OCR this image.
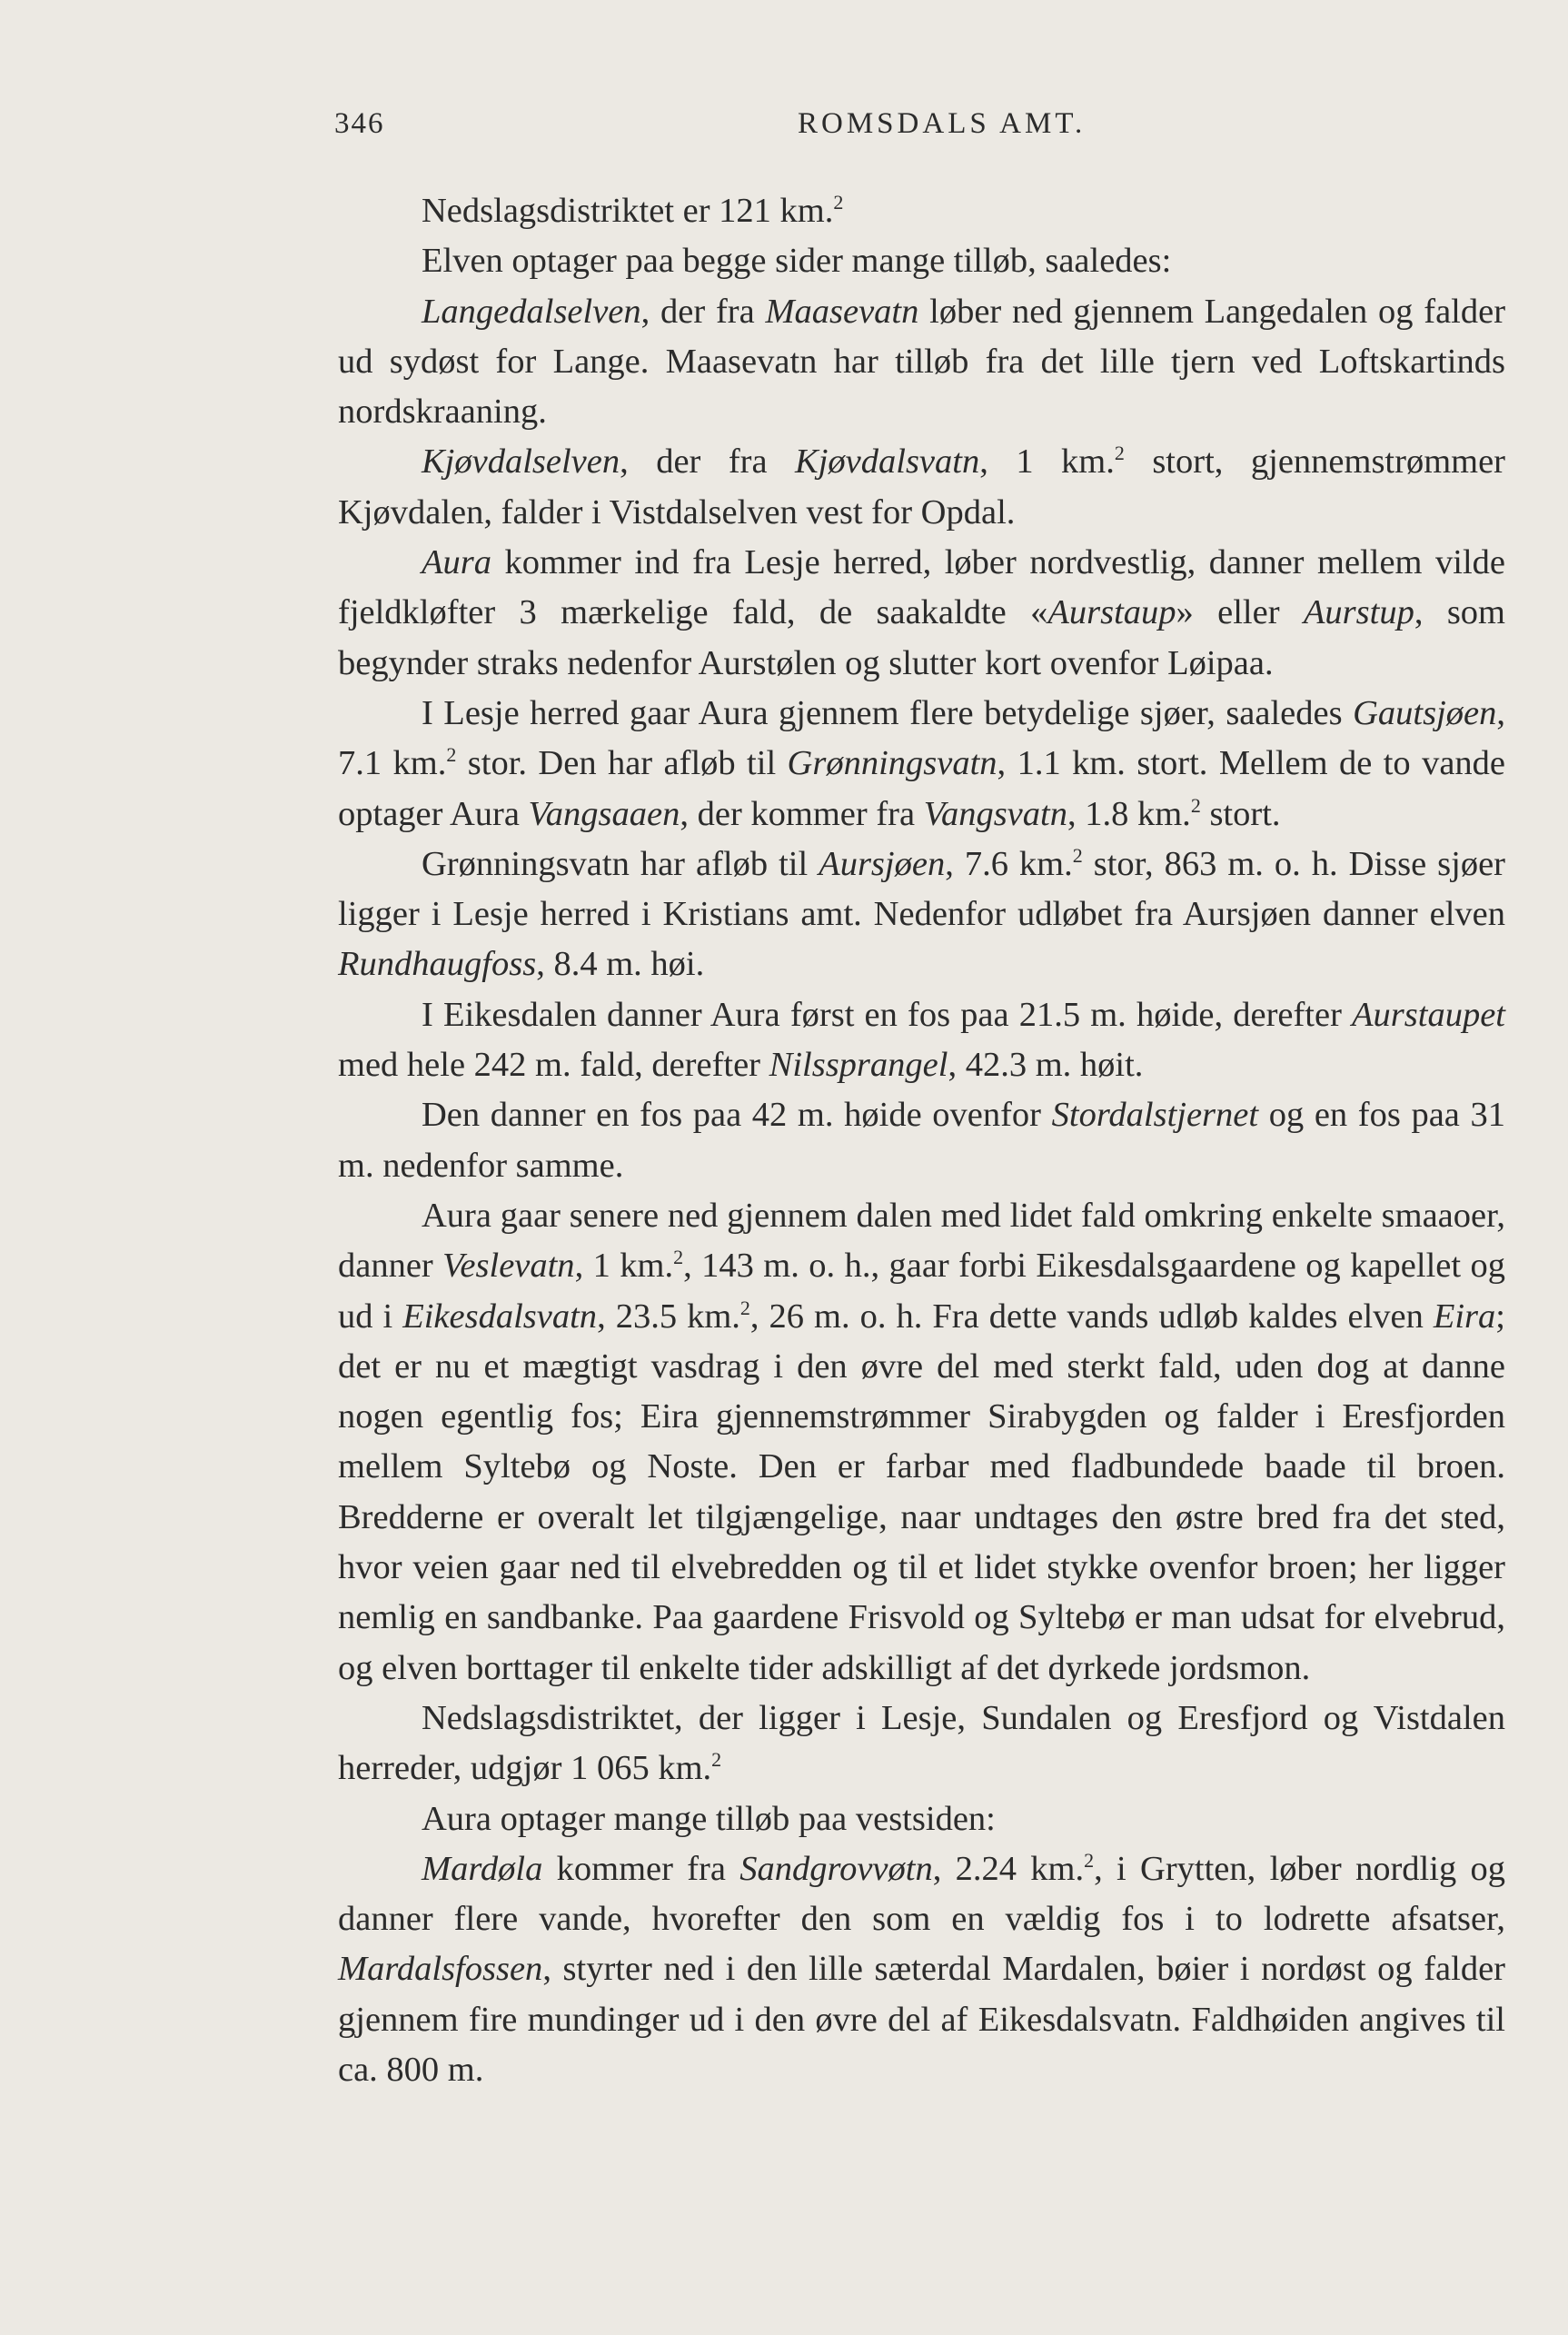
346	ROMSDALS AMT.

Nedslagsdistriktet er 121 km.$^2$

Elven optager paa begge sider mange tilløb, saaledes:

Langedalselven, der fra Maasevatn løber ned gjennem Langedalen og falder ud sydøst for Lange. Maasevatn har tilløb fra det lille tjern ved Loftskartinds nordskraaning.

Kjøvdalselven, der fra Kjøvdalsvatn, 1 km.$^2$ stort, gjennemstrømmer Kjøvdalen, falder i Vistdalselven vest for Opdal.

Aura kommer ind fra Lesje herred, løber nordvestlig, danner mellem vilde fjeldkløfter 3 mærkelige fald, de saakaldte «Aurstaup» eller Aurstup, som begynder straks nedenfor Aurstølen og slutter kort ovenfor Løipaa.

I Lesje herred gaar Aura gjennem flere betydelige sjøer, saaledes Gautsjøen, 7.1 km.$^2$ stor. Den har afløb til Grønningsvatn, 1.1 km. stort. Mellem de to vande optager Aura Vangsaaen, der kommer fra Vangsvatn, 1.8 km.$^2$ stort.

Grønningsvatn har afløb til Aursjøen, 7.6 km.$^2$ stor, 863 m. o. h. Disse sjøer ligger i Lesje herred i Kristians amt. Nedenfor udløbet fra Aursjøen danner elven Rundhaugfoss, 8.4 m. høi.

I Eikesdalen danner Aura først en fos paa 21.5 m. høide, derefter Aurstaupet med hele 242 m. fald, derefter Nilssprangel, 42.3 m. høit.

Den danner en fos paa 42 m. høide ovenfor Stordalstjernet og en fos paa 31 m. nedenfor samme.

Aura gaar senere ned gjennem dalen med lidet fald omkring enkelte smaaoer, danner Veslevatn, 1 km.$^2$, 143 m. o. h., gaar forbi Eikesdalsgaardene og kapellet og ud i Eikesdalsvatn, 23.5 km.$^2$, 26 m. o. h. Fra dette vands udløb kaldes elven Eira; det er nu et mægtigt vasdrag i den øvre del med sterkt fald, uden dog at danne nogen egentlig fos; Eira gjennemstrømmer Sirabygden og falder i Eresfjorden mellem Syltebø og Noste. Den er farbar med fladbundede baade til broen. Bredderne er overalt let tilgjængelige, naar undtages den østre bred fra det sted, hvor veien gaar ned til elvebredden og til et lidet stykke ovenfor broen; her ligger nemlig en sandbanke. Paa gaardene Frisvold og Syltebø er man udsat for elvebrud, og elven borttager til enkelte tider adskilligt af det dyrkede jordsmon.

Nedslagsdistriktet, der ligger i Lesje, Sundalen og Eresfjord og Vistdalen herreder, udgjør 1 065 km.$^2$

Aura optager mange tilløb paa vestsiden:

Mardøla kommer fra Sandgrovvøtn, 2.24 km.$^2$, i Grytten, løber nordlig og danner flere vande, hvorefter den som en vældig fos i to lodrette afsatser, Mardalsfossen, styrter ned i den lille sæterdal Mardalen, bøier i nordøst og falder gjennem fire mundinger ud i den øvre del af Eikesdalsvatn. Faldhøiden angives til ca. 800 m.
